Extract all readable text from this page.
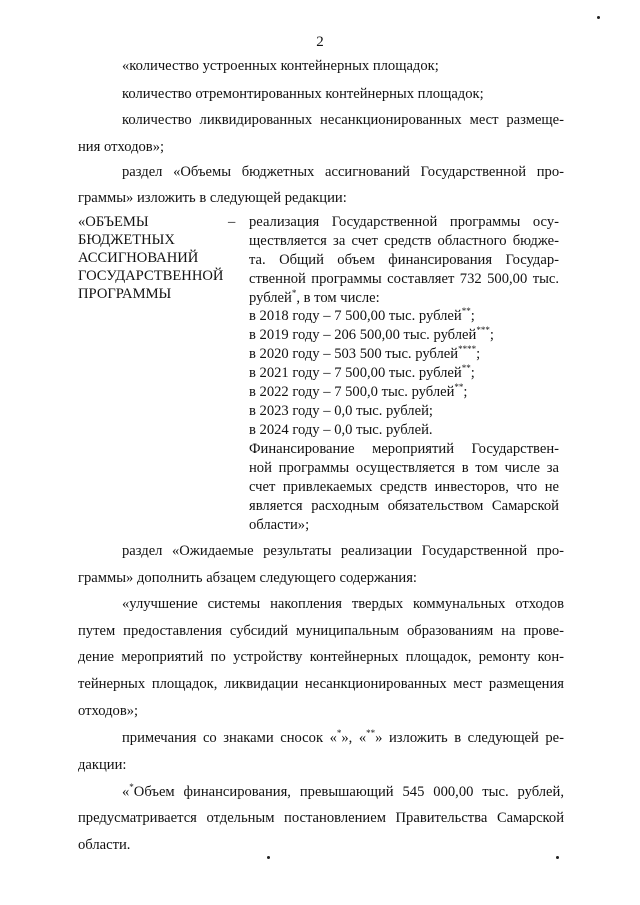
2
«количество устроенных контейнерных площадок;
количество отремонтированных контейнерных площадок;
количество ликвидированных несанкционированных мест размеще-
ния отходов»;
раздел «Объемы бюджетных ассигнований Государственной про-
граммы» изложить в следующей редакции:
«ОБЪЕМЫ
БЮДЖЕТНЫХ
АССИГНОВАНИЙ
ГОСУДАРСТВЕННОЙ
ПРОГРАММЫ
– реализация Государственной программы осу-
ществляется за счет средств областного бюдже-
та. Общий объем финансирования Государ-
ственной программы составляет 732 500,00 тыс.
рублей*, в том числе:
в 2018 году – 7 500,00 тыс. рублей**;
в 2019 году – 206 500,00 тыс. рублей***;
в 2020 году – 503 500 тыс. рублей****;
в 2021 году – 7 500,00 тыс. рублей**;
в 2022 году – 7 500,0 тыс. рублей**;
в 2023 году – 0,0 тыс. рублей;
в 2024 году – 0,0 тыс. рублей.
Финансирование мероприятий Государствен-
ной программы осуществляется в том числе за
счет привлекаемых средств инвесторов, что не
является расходным обязательством Самарской
области»;
раздел «Ожидаемые результаты реализации Государственной про-
граммы» дополнить абзацем следующего содержания:
«улучшение системы накопления твердых коммунальных отходов
путем предоставления субсидий муниципальным образованиям на прове-
дение мероприятий по устройству контейнерных площадок, ремонту кон-
тейнерных площадок, ликвидации несанкционированных мест размещения
отходов»;
примечания со знаками сносок «*», «**» изложить в следующей ре-
дакции:
«*Объем финансирования, превышающий 545 000,00 тыс. рублей,
предусматривается отдельным постановлением Правительства Самарской
области.
